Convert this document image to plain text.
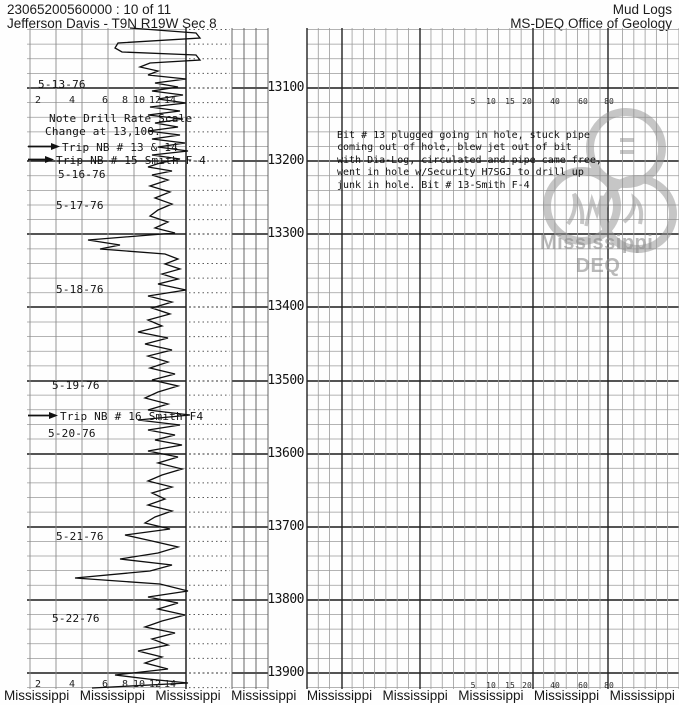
23065200560000 : 10 of 11
Jefferson Davis - T9N R19W Sec 8
Mud Logs
MS-DEQ Office of Geology
Mississippi
DEQ
Bit # 13 plugged going in hole, stuck pipe
coming out of hole, blew jet out of bit
with Dia-Log, circulated and pipe came free,
went in hole w/Security H7SGJ to drill up
junk in hole. Bit # 13-Smith F-4
Mississippi Mississippi Mississippi Mississippi Mississippi Mississippi Mississippi Mississippi Mississippi
5-13-76
Note Drill Rate Scale
Change at 13,100.
Trip NB # 13 & 14
Trip NB # 15 Smith F-4
5-16-76
5-17-76
5-18-76
5-19-76
Trip NB # 16 Smith F4
5-20-76
5-21-76
5-22-76
13100
13200
13300
13400
13500
13600
13700
13800
13900
2
2
4
4
6
6
8
8
10
10
12
12
14
14
5
5
10
10
15
15
20
20
40
40
60
60
80
80
